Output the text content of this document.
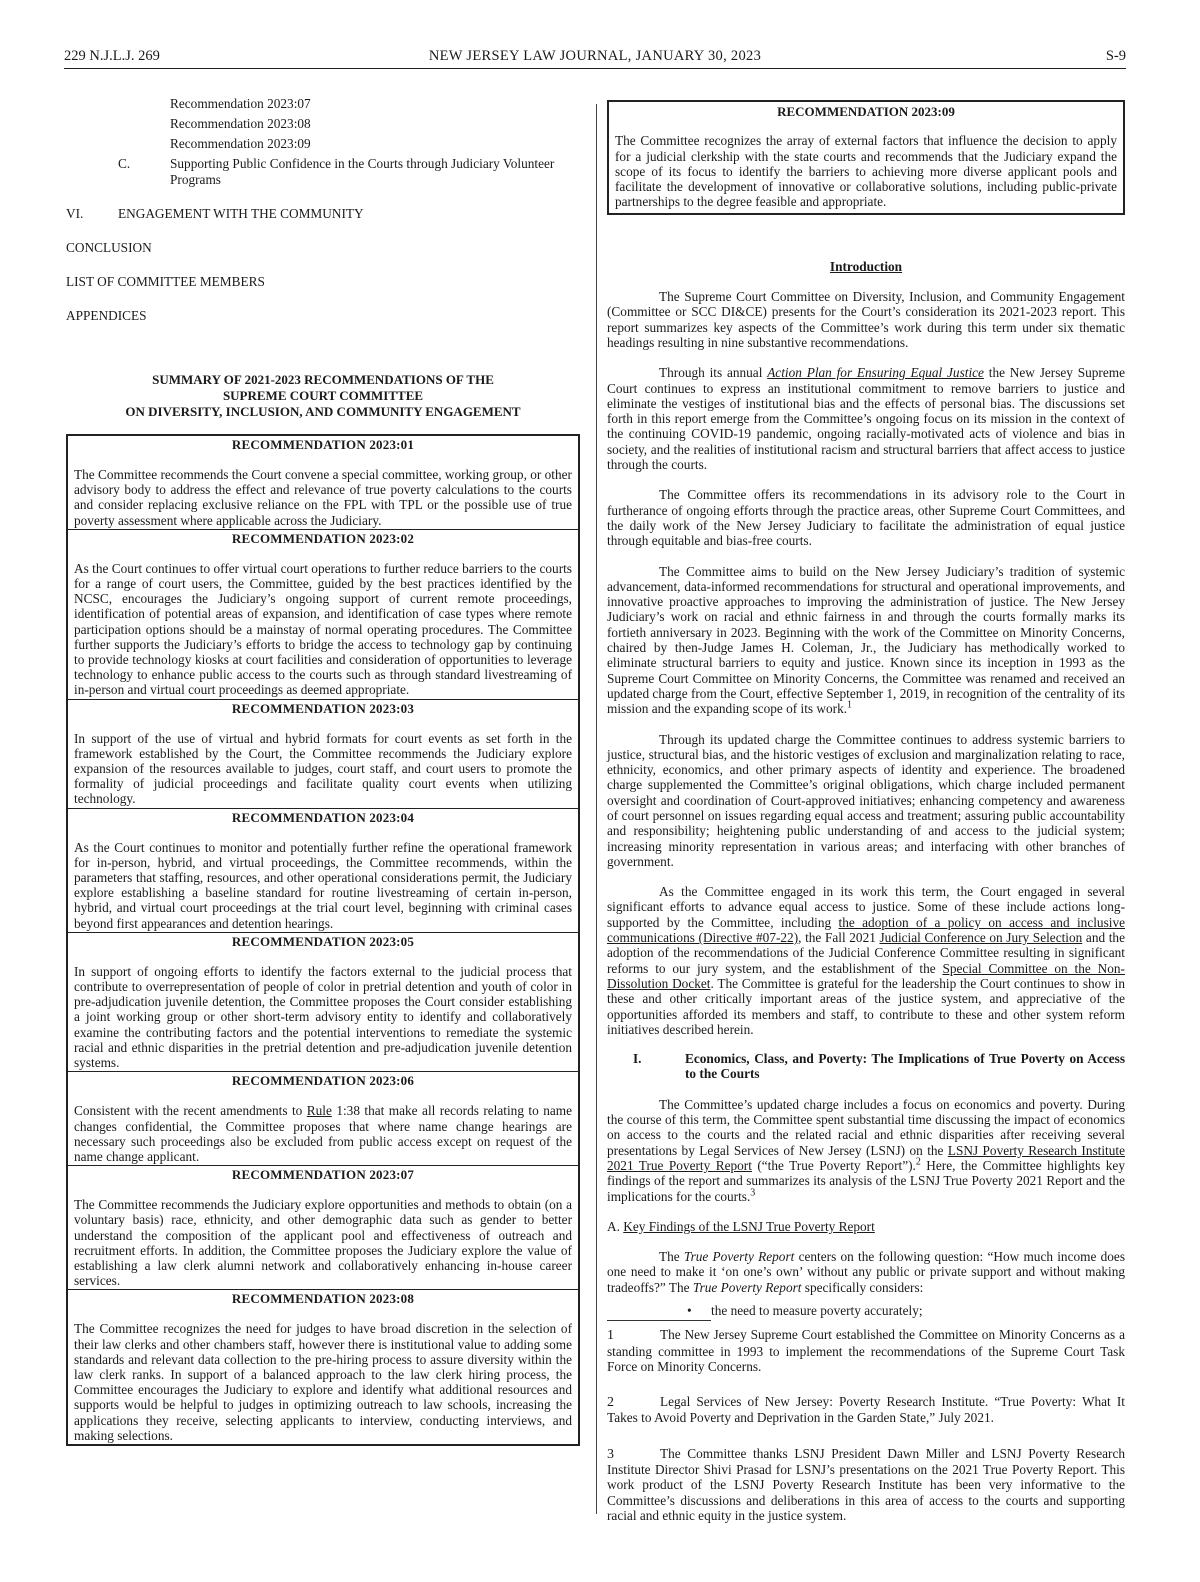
NEW JERSEY LAW JOURNAL, JANUARY 30, 2023
229 N.J.L.J. 269	S-9
Recommendation 2023:07
Recommendation 2023:08
Recommendation 2023:09
C.	Supporting Public Confidence in the Courts through Judiciary Volunteer Programs
VI.	ENGAGEMENT WITH THE COMMUNITY
CONCLUSION
LIST OF COMMITTEE MEMBERS
APPENDICES
SUMMARY OF 2021-2023 RECOMMENDATIONS OF THE
SUPREME COURT COMMITTEE
ON DIVERSITY, INCLUSION, AND COMMUNITY ENGAGEMENT
RECOMMENDATION 2023:01

The Committee recommends the Court convene a special committee, working group, or other advisory body to address the effect and relevance of true poverty calculations to the courts and consider replacing exclusive reliance on the FPL with TPL or the possible use of true poverty assessment where applicable across the Judiciary.

RECOMMENDATION 2023:02

As the Court continues to offer virtual court operations to further reduce barriers to the courts for a range of court users, the Committee, guided by the best practices identified by the NCSC, encourages the Judiciary’s ongoing support of current remote proceedings, identification of potential areas of expansion, and identification of case types where remote participation options should be a mainstay of normal operating procedures. The Committee further supports the Judiciary’s efforts to bridge the access to technology gap by continuing to provide technology kiosks at court facilities and consideration of opportunities to leverage technology to enhance public access to the courts such as through standard livestreaming of in-person and virtual court proceedings as deemed appropriate.

RECOMMENDATION 2023:03

In support of the use of virtual and hybrid formats for court events as set forth in the framework established by the Court, the Committee recommends the Judiciary explore expansion of the resources available to judges, court staff, and court users to promote the formality of judicial proceedings and facilitate quality court events when utilizing technology.

RECOMMENDATION 2023:04

As the Court continues to monitor and potentially further refine the operational framework for in-person, hybrid, and virtual proceedings, the Committee recommends, within the parameters that staffing, resources, and other operational considerations permit, the Judiciary explore establishing a baseline standard for routine livestreaming of certain in-person, hybrid, and virtual court proceedings at the trial court level, beginning with criminal cases beyond first appearances and detention hearings.

RECOMMENDATION 2023:05

In support of ongoing efforts to identify the factors external to the judicial process that contribute to overrepresentation of people of color in pretrial detention and youth of color in pre-adjudication juvenile detention, the Committee proposes the Court consider establishing a joint working group or other short-term advisory entity to identify and collaboratively examine the contributing factors and the potential interventions to remediate the systemic racial and ethnic disparities in the pretrial detention and pre-adjudication juvenile detention systems.

RECOMMENDATION 2023:06

Consistent with the recent amendments to Rule 1:38 that make all records relating to name changes confidential, the Committee proposes that where name change hearings are necessary such proceedings also be excluded from public access except on request of the name change applicant.

RECOMMENDATION 2023:07

The Committee recommends the Judiciary explore opportunities and methods to obtain (on a voluntary basis) race, ethnicity, and other demographic data such as gender to better understand the composition of the applicant pool and effectiveness of outreach and recruitment efforts. In addition, the Committee proposes the Judiciary explore the value of establishing a law clerk alumni network and collaboratively enhancing in-house career services.

RECOMMENDATION 2023:08

The Committee recognizes the need for judges to have broad discretion in the selection of their law clerks and other chambers staff, however there is institutional value to adding some standards and relevant data collection to the pre-hiring process to assure diversity within the law clerk ranks. In support of a balanced approach to the law clerk hiring process, the Committee encourages the Judiciary to explore and identify what additional resources and supports would be helpful to judges in optimizing outreach to law schools, increasing the applications they receive, selecting applicants to interview, conducting interviews, and making selections.

RECOMMENDATION 2023:09

The Committee recognizes the array of external factors that influence the decision to apply for a judicial clerkship with the state courts and recommends that the Judiciary expand the scope of its focus to identify the barriers to achieving more diverse applicant pools and facilitate the development of innovative or collaborative solutions, including public-private partnerships to the degree feasible and appropriate.

Introduction

The Supreme Court Committee on Diversity, Inclusion, and Community Engagement (Committee or SCC DI&CE) presents for the Court’s consideration its 2021-2023 report. This report summarizes key aspects of the Committee’s work during this term under six thematic headings resulting in nine substantive recommendations.

Through its annual Action Plan for Ensuring Equal Justice the New Jersey Supreme Court continues to express an institutional commitment to remove barriers to justice and eliminate the vestiges of institutional bias and the effects of personal bias. The discussions set forth in this report emerge from the Committee’s ongoing focus on its mission in the context of the continuing COVID-19 pandemic, ongoing racially-motivated acts of violence and bias in society, and the realities of institutional racism and structural barriers that affect access to justice through the courts.

The Committee offers its recommendations in its advisory role to the Court in furtherance of ongoing efforts through the practice areas, other Supreme Court Committees, and the daily work of the New Jersey Judiciary to facilitate the administration of equal justice through equitable and bias-free courts.

The Committee aims to build on the New Jersey Judiciary’s tradition of systemic advancement, data-informed recommendations for structural and operational improvements, and innovative proactive approaches to improving the administration of justice. The New Jersey Judiciary’s work on racial and ethnic fairness in and through the courts formally marks its fortieth anniversary in 2023. Beginning with the work of the Committee on Minority Concerns, chaired by then-Judge James H. Coleman, Jr., the Judiciary has methodically worked to eliminate structural barriers to equity and justice. Known since its inception in 1993 as the Supreme Court Committee on Minority Concerns, the Committee was renamed and received an updated charge from the Court, effective September 1, 2019, in recognition of the centrality of its mission and the expanding scope of its work.$^1$

Through its updated charge the Committee continues to address systemic barriers to justice, structural bias, and the historic vestiges of exclusion and marginalization relating to race, ethnicity, economics, and other primary aspects of identity and experience. The broadened charge supplemented the Committee’s original obligations, which charge included permanent oversight and coordination of Court-approved initiatives; enhancing competency and awareness of court personnel on issues regarding equal access and treatment; assuring public accountability and responsibility; heightening public understanding of and access to the judicial system; increasing minority representation in various areas; and interfacing with other branches of government.

As the Committee engaged in its work this term, the Court engaged in several significant efforts to advance equal access to justice. Some of these include actions long-supported by the Committee, including the adoption of a policy on access and inclusive communications (Directive #07-22), the Fall 2021 Judicial Conference on Jury Selection and the adoption of the recommendations of the Judicial Conference Committee resulting in significant reforms to our jury system, and the establishment of the Special Committee on the Non-Dissolution Docket. The Committee is grateful for the leadership the Court continues to show in these and other critically important areas of the justice system, and appreciative of the opportunities afforded its members and staff, to contribute to these and other system reform initiatives described herein.

I.	Economics, Class, and Poverty: The Implications of True Poverty on Access to the Courts

The Committee’s updated charge includes a focus on economics and poverty. During the course of this term, the Committee spent substantial time discussing the impact of economics on access to the courts and the related racial and ethnic disparities after receiving several presentations by Legal Services of New Jersey (LSNJ) on the LSNJ Poverty Research Institute 2021 True Poverty Report (“the True Poverty Report”).$^2$ Here, the Committee highlights key findings of the report and summarizes its analysis of the LSNJ True Poverty 2021 Report and the implications for the courts.$^3$

A. Key Findings of the LSNJ True Poverty Report

The True Poverty Report centers on the following question: “How much income does one need to make it ‘on one’s own’ without any public or private support and without making tradeoffs?” The True Poverty Report specifically considers:

• the need to measure poverty accurately;

1	The New Jersey Supreme Court established the Committee on Minority Concerns as a standing committee in 1993 to implement the recommendations of the Supreme Court Task Force on Minority Concerns.

2	Legal Services of New Jersey: Poverty Research Institute. “True Poverty: What It Takes to Avoid Poverty and Deprivation in the Garden State,” July 2021.

3	The Committee thanks LSNJ President Dawn Miller and LSNJ Poverty Research Institute Director Shivi Prasad for LSNJ’s presentations on the 2021 True Poverty Report. This work product of the LSNJ Poverty Research Institute has been very informative to the Committee’s discussions and deliberations in this area of access to the courts and supporting racial and ethnic equity in the justice system.
